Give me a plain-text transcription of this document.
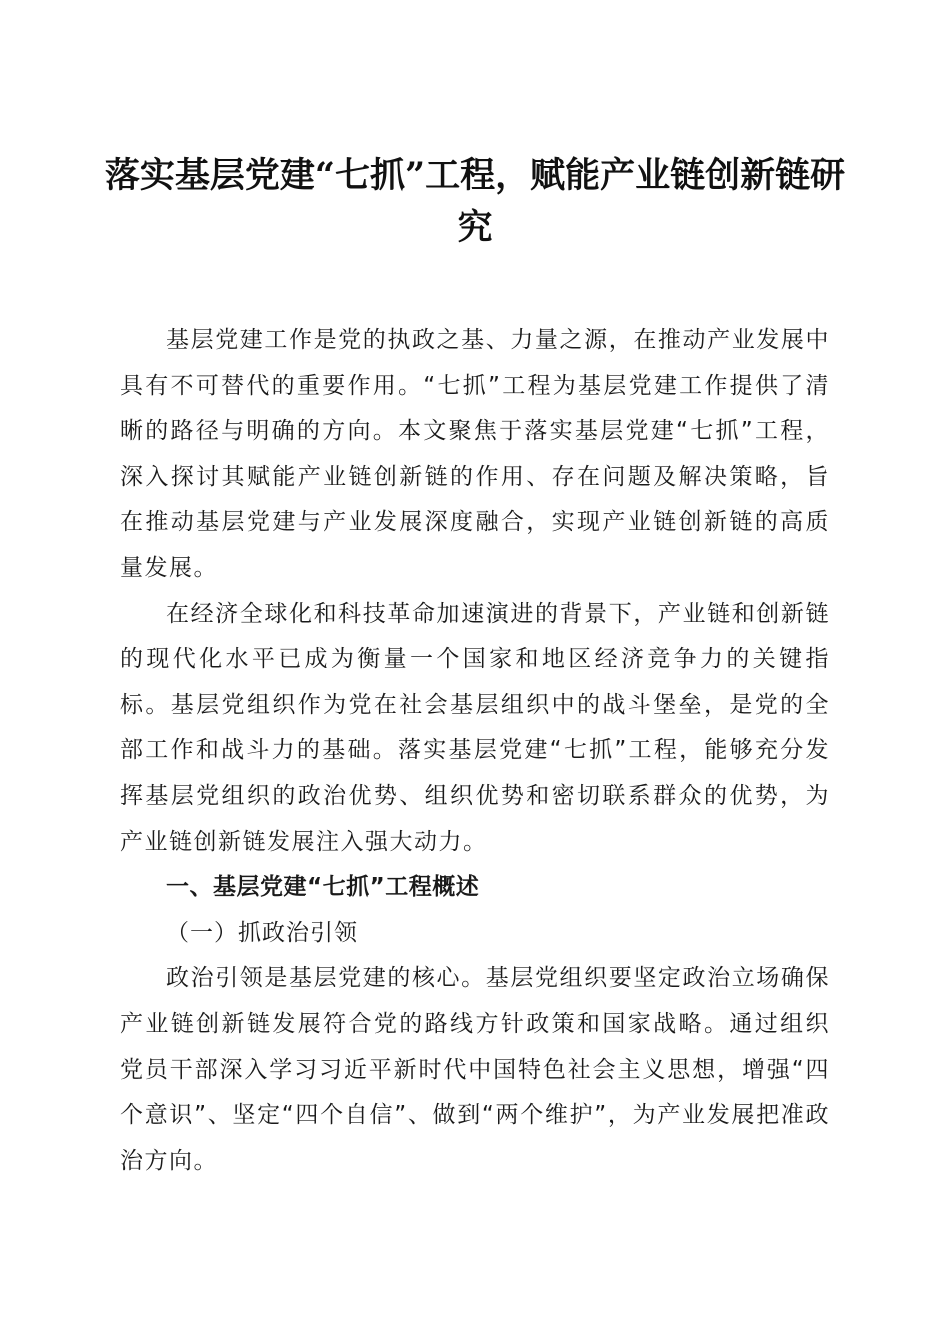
落实基层党建“七抓”工程，赋能产业链创新链研究

基层党建工作是党的执政之基、力量之源，在推动产业发展中具有不可替代的重要作用。“七抓”工程为基层党建工作提供了清晰的路径与明确的方向。本文聚焦于落实基层党建“七抓”工程，深入探讨其赋能产业链创新链的作用、存在问题及解决策略，旨在推动基层党建与产业发展深度融合，实现产业链创新链的高质量发展。

在经济全球化和科技革命加速演进的背景下，产业链和创新链的现代化水平已成为衡量一个国家和地区经济竞争力的关键指标。基层党组织作为党在社会基层组织中的战斗堡垒，是党的全部工作和战斗力的基础。落实基层党建“七抓”工程，能够充分发挥基层党组织的政治优势、组织优势和密切联系群众的优势，为产业链创新链发展注入强大动力。

一、基层党建“七抓”工程概述

（一）抓政治引领

政治引领是基层党建的核心。基层党组织要坚定政治立场确保产业链创新链发展符合党的路线方针政策和国家战略。通过组织党员干部深入学习习近平新时代中国特色社会主义思想，增强“四个意识”、坚定“四个自信”、做到“两个维护”，为产业发展把准政治方向。
